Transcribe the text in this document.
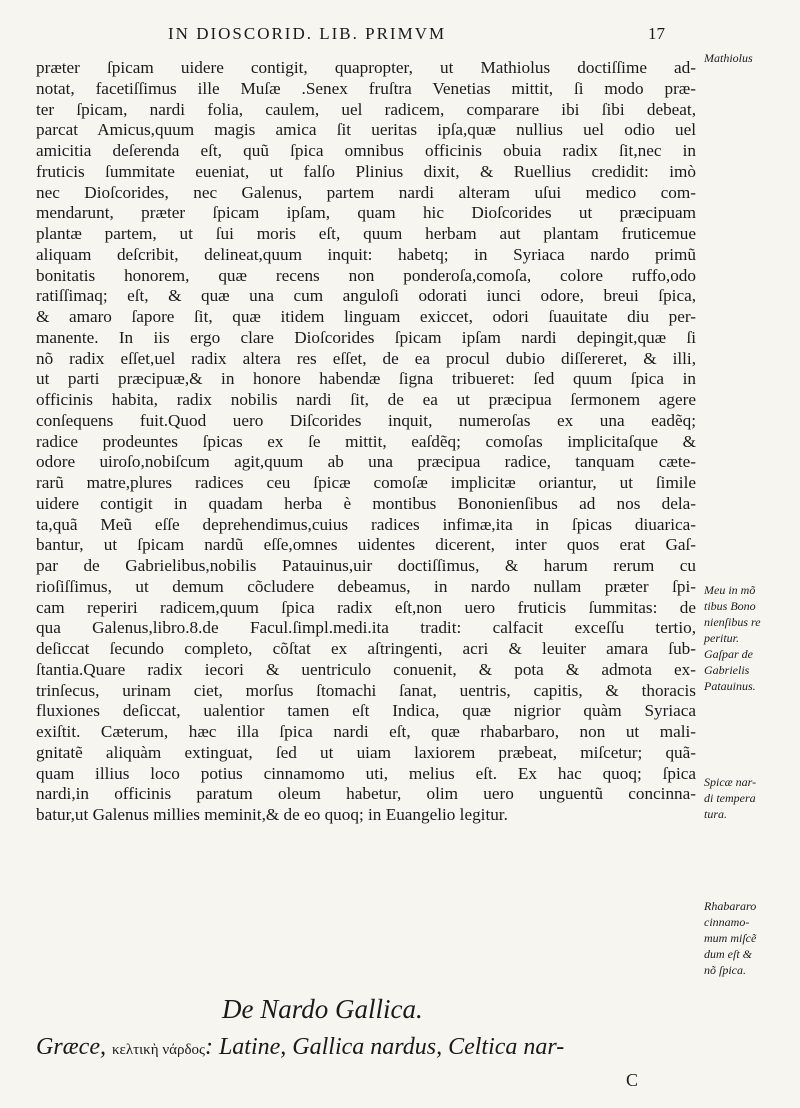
IN DIOSCORID. LIB. PRIMVM	17
præter ſpicam uidere contigit, quapropter, ut Mathiolus doctiſſime ad-
notat, facetiſſimus ille Muſæ .Senex fruſtra Venetias mittit, ſi modo præ-
ter ſpicam, nardi folia, caulem, uel radicem, comparare ibi ſibi debeat,
parcat Amicus,quum magis amica ſit ueritas ipſa,quæ nullius uel odio uel
amicitia deſerenda eſt, quũ ſpica omnibus officinis obuia radix ſit,nec in
fruticis ſummitate eueniat, ut falſo Plinius dixit, & Ruellius credidit: imò
nec Dioſcorides, nec Galenus, partem nardi alteram uſui medico com-
mendarunt, præter ſpicam ipſam, quam hic Dioſcorides ut præcipuam
plantæ partem, ut ſui moris eſt, quum herbam aut plantam fruticemue
aliquam deſcribit, delineat,quum inquit: habetq; in Syriaca nardo primũ
bonitatis honorem, quæ recens non ponderoſa,comoſa, colore ruffo,odo
ratiſſimaq; eſt, & quæ una cum anguloſi odorati iunci odore, breui ſpica,
& amaro ſapore ſit, quæ itidem linguam exiccet, odori ſuauitate diu per-
manente. In iis ergo clare Dioſcorides ſpicam ipſam nardi depingit,quæ ſi
nõ radix eſſet,uel radix altera res eſſet, de ea procul dubio diſſereret, & illi,
ut parti præcipuæ,& in honore habendæ ſigna tribueret: ſed quum ſpica in
officinis habita, radix nobilis nardi ſit, de ea ut præcipua ſermonem agere
conſequens fuit.Quod uero Diſcorides inquit, numeroſas ex una eadẽq;
radice prodeuntes ſpicas ex ſe mittit, eaſdẽq; comoſas implicitaſque &
odore uiroſo,nobiſcum agit,quum ab una præcipua radice, tanquam cæte-
rarũ matre,plures radices ceu ſpicæ comoſæ implicitæ oriantur, ut ſimile
uidere contigit in quadam herba è montibus Bononienſibus ad nos dela-
ta,quã Meũ eſſe deprehendimus,cuius radices infimæ,ita in ſpicas diuarica-
bantur, ut ſpicam nardũ eſſe,omnes uidentes dicerent, inter quos erat Gaſ-
par de Gabrielibus,nobilis Patauinus,uir doctiſſimus, & harum rerum cu
rioſiſſimus, ut demum cõcludere debeamus, in nardo nullam præter ſpi-
cam reperiri radicem,quum ſpica radix eſt,non uero fruticis ſummitas: de
qua Galenus,libro.8.de Facul.ſimpl.medi.ita tradit: calfacit exceſſu tertio,
deſiccat ſecundo completo, cõſtat ex aſtringenti, acri & leuiter amara ſub-
ſtantia.Quare radix iecori & uentriculo conuenit, & pota & admota ex-
trinſecus, urinam ciet, morſus ſtomachi ſanat, uentris, capitis, & thoracis
fluxiones deſiccat, ualentior tamen eſt Indica, quæ nigrior quàm Syriaca
exiſtit. Cæterum, hæc illa ſpica nardi eſt, quæ rhabarbaro, non ut mali-
gnitatẽ aliquàm extinguat, ſed ut uiam laxiorem præbeat, miſcetur; quã-
quam illius loco potius cinnamomo uti, melius eſt. Ex hac quoq; ſpica
nardi,in officinis paratum oleum habetur, olim uero unguentũ concinna-
batur,ut Galenus millies meminit,& de eo quoq; in Euangelio legitur.
Mathiolus
Meu in mõ
tibus Bono
nienſibus re
peritur.
Gaſpar de
Gabrielis
Patauinus.
Spicæ nar-
di tempera
tura.
Rhabararo
cinnamo-
mum miſcẽ
dum eſt &
nõ ſpica.
De Nardo Gallica.
Græce, κελτικὴ νάρδος: Latine, Gallica nardus, Celtica nar-
C
